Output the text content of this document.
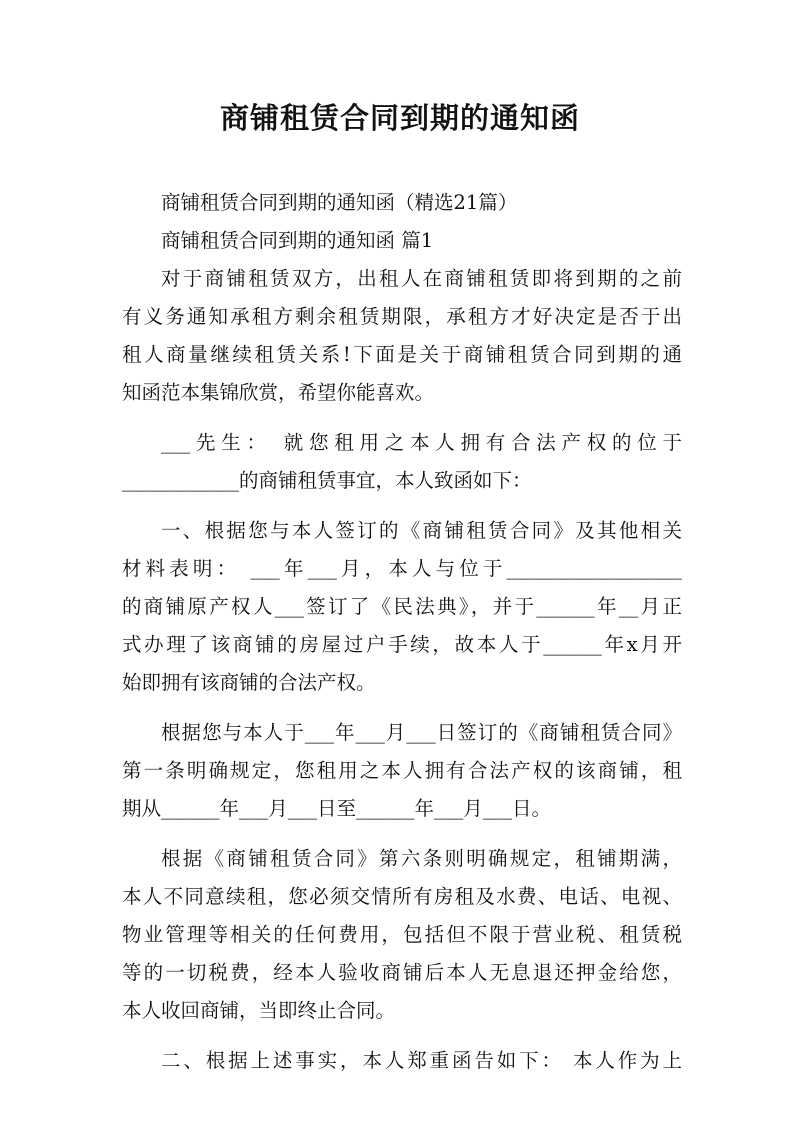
商铺租赁合同到期的通知函
商铺租赁合同到期的通知函（精选21篇）
商铺租赁合同到期的通知函 篇1
对于商铺租赁双方，出租人在商铺租赁即将到期的之前
有义务通知承租方剩余租赁期限，承租方才好决定是否于出
租人商量继续租赁关系!下面是关于商铺租赁合同到期的通
知函范本集锦欣赏，希望你能喜欢。
___先生： 就您租用之本人拥有合法产权的位于
____________的商铺租赁事宜，本人致函如下：
一、根据您与本人签订的《商铺租赁合同》及其他相关
材料表明： ___年___月，本人与位于__________________
的商铺原产权人___签订了《民法典》，并于______年__月正
式办理了该商铺的房屋过户手续，故本人于______年x月开
始即拥有该商铺的合法产权。
根据您与本人于___年___月___日签订的《商铺租赁合同》
第一条明确规定，您租用之本人拥有合法产权的该商铺，租
期从______年___月___日至______年___月___日。
根据《商铺租赁合同》第六条则明确规定，租铺期满，
本人不同意续租，您必须交情所有房租及水费、电话、电视、
物业管理等相关的任何费用，包括但不限于营业税、租赁税
等的一切税费，经本人验收商铺后本人无息退还押金给您，
本人收回商铺，当即终止合同。
二、根据上述事实，本人郑重函告如下： 本人作为上
